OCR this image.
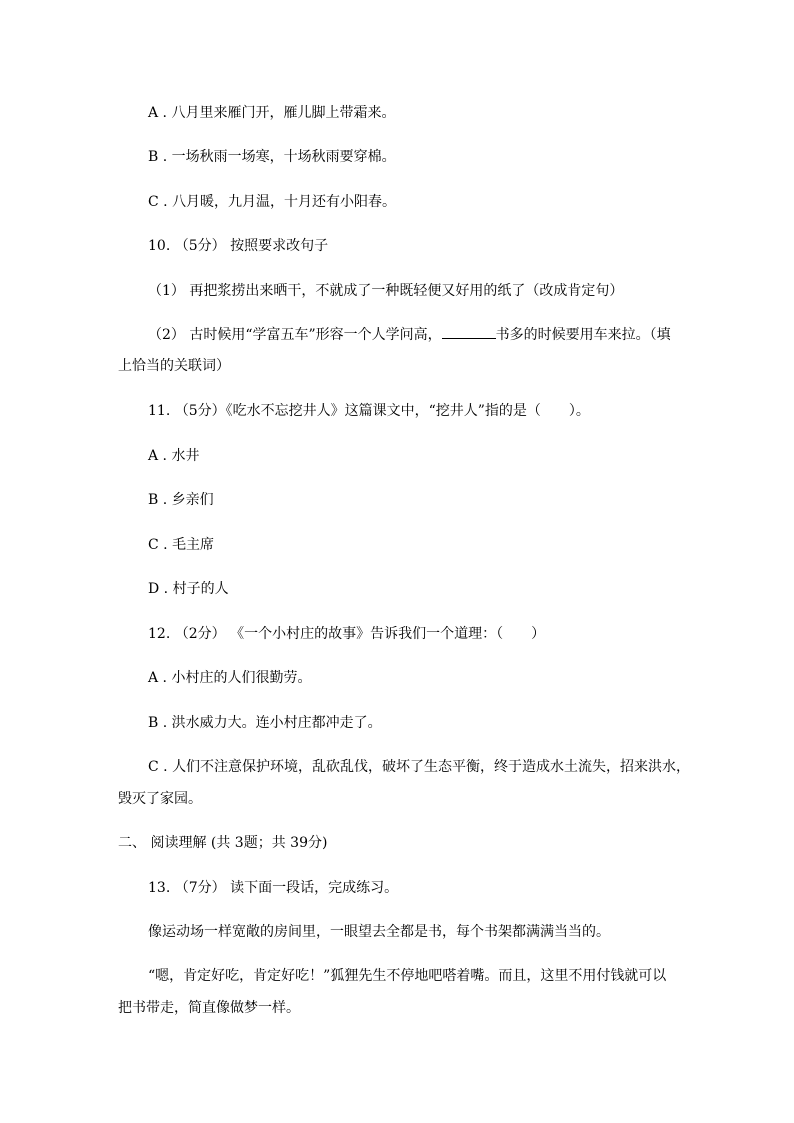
A . 八月里来雁门开，雁儿脚上带霜来。
B . 一场秋雨一场寒，十场秋雨要穿棉。
C . 八月暖，九月温，十月还有小阳春。
10. （5分） 按照要求改句子
（1） 再把浆捞出来晒干，不就成了一种既轻便又好用的纸了（改成肯定句）
（2） 古时候用“学富五车”形容一个人学问高，	书多的时候要用车来拉。（填
上恰当的关联词）
11. （5分）《吃水不忘挖井人》这篇课文中，“挖井人”指的是（　　）。
A . 水井
B . 乡亲们
C . 毛主席
D . 村子的人
12. （2分） 《一个小村庄的故事》告诉我们一个道理：（　　）
A . 小村庄的人们很勤劳。
B . 洪水威力大。连小村庄都冲走了。
C . 人们不注意保护环境，乱砍乱伐，破坏了生态平衡，终于造成水土流失，招来洪水，
毁灭了家园。
二、 阅读理解 (共 3题；共 39分)
13. （7分） 读下面一段话，完成练习。
像运动场一样宽敞的房间里，一眼望去全都是书，每个书架都满满当当的。
“嗯，肯定好吃，肯定好吃！”狐狸先生不停地吧嗒着嘴。而且，这里不用付钱就可以
把书带走，简直像做梦一样。
